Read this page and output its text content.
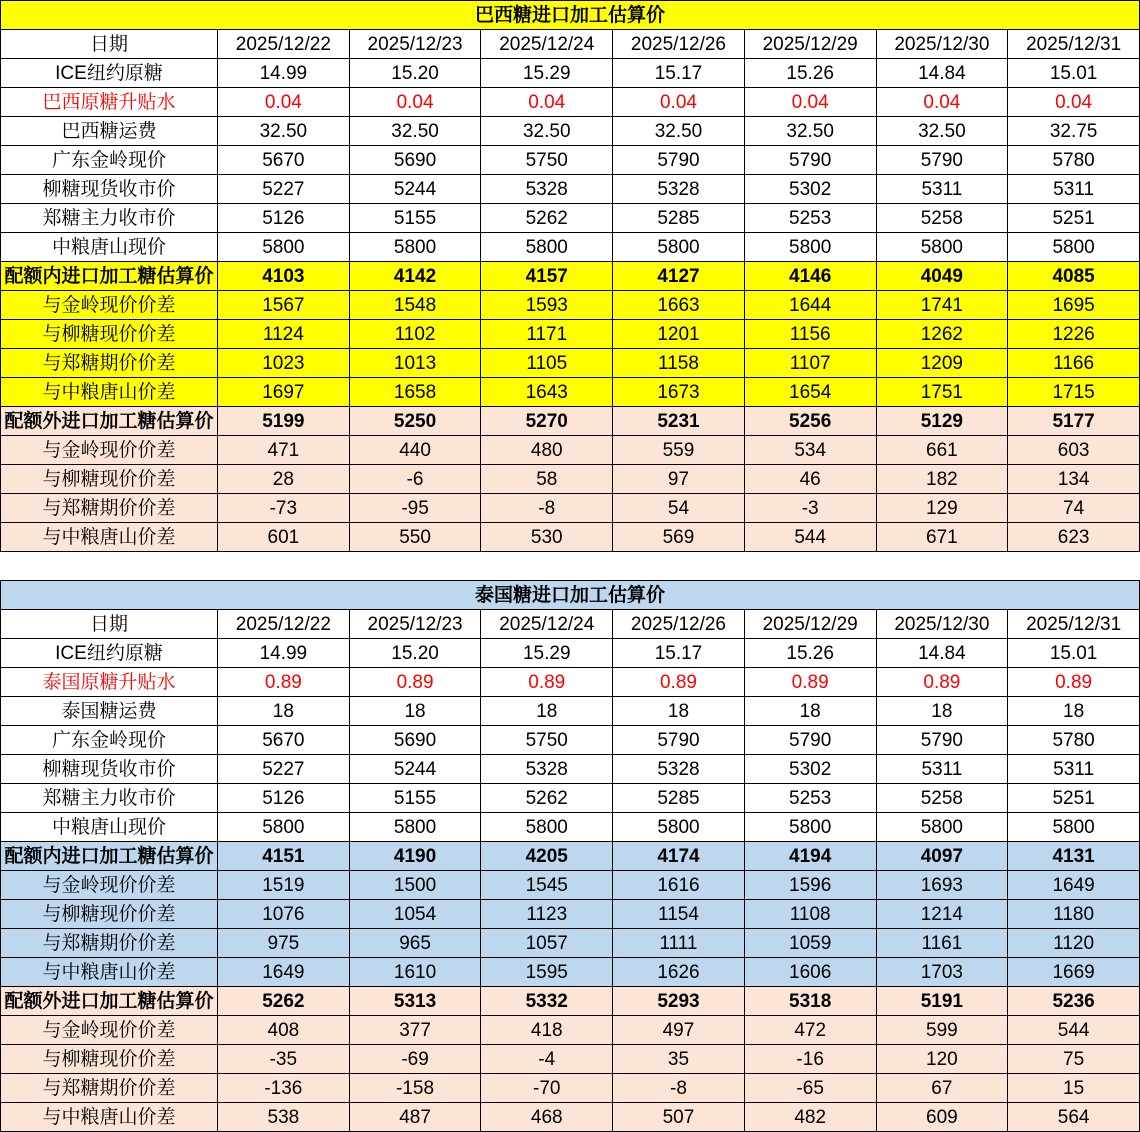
巴西糖进口加工估算价							
日期	2025/12/22	2025/12/23	2025/12/24	2025/12/26	2025/12/29	2025/12/30	2025/12/31
ICE纽约原糖	14.99	15.20	15.29	15.17	15.26	14.84	15.01
巴西原糖升贴水	0.04	0.04	0.04	0.04	0.04	0.04	0.04
巴西糖运费	32.50	32.50	32.50	32.50	32.50	32.50	32.75
广东金岭现价	5670	5690	5750	5790	5790	5790	5780
柳糖现货收市价	5227	5244	5328	5328	5302	5311	5311
郑糖主力收市价	5126	5155	5262	5285	5253	5258	5251
中粮唐山现价	5800	5800	5800	5800	5800	5800	5800
配额内进口加工糖估算价	4103	4142	4157	4127	4146	4049	4085
与金岭现价价差	1567	1548	1593	1663	1644	1741	1695
与柳糖现价价差	1124	1102	1171	1201	1156	1262	1226
与郑糖期价价差	1023	1013	1105	1158	1107	1209	1166
与中粮唐山价差	1697	1658	1643	1673	1654	1751	1715
配额外进口加工糖估算价	5199	5250	5270	5231	5256	5129	5177
与金岭现价价差	471	440	480	559	534	661	603
与柳糖现价价差	28	-6	58	97	46	182	134
与郑糖期价价差	-73	-95	-8	54	-3	129	74
与中粮唐山价差	601	550	530	569	544	671	623
泰国糖进口加工估算价							
日期	2025/12/22	2025/12/23	2025/12/24	2025/12/26	2025/12/29	2025/12/30	2025/12/31
ICE纽约原糖	14.99	15.20	15.29	15.17	15.26	14.84	15.01
泰国原糖升贴水	0.89	0.89	0.89	0.89	0.89	0.89	0.89
泰国糖运费	18	18	18	18	18	18	18
广东金岭现价	5670	5690	5750	5790	5790	5790	5780
柳糖现货收市价	5227	5244	5328	5328	5302	5311	5311
郑糖主力收市价	5126	5155	5262	5285	5253	5258	5251
中粮唐山现价	5800	5800	5800	5800	5800	5800	5800
配额内进口加工糖估算价	4151	4190	4205	4174	4194	4097	4131
与金岭现价价差	1519	1500	1545	1616	1596	1693	1649
与柳糖现价价差	1076	1054	1123	1154	1108	1214	1180
与郑糖期价价差	975	965	1057	1111	1059	1161	1120
与中粮唐山价差	1649	1610	1595	1626	1606	1703	1669
配额外进口加工糖估算价	5262	5313	5332	5293	5318	5191	5236
与金岭现价价差	408	377	418	497	472	599	544
与柳糖现价价差	-35	-69	-4	35	-16	120	75
与郑糖期价价差	-136	-158	-70	-8	-65	67	15
与中粮唐山价差	538	487	468	507	482	609	564
